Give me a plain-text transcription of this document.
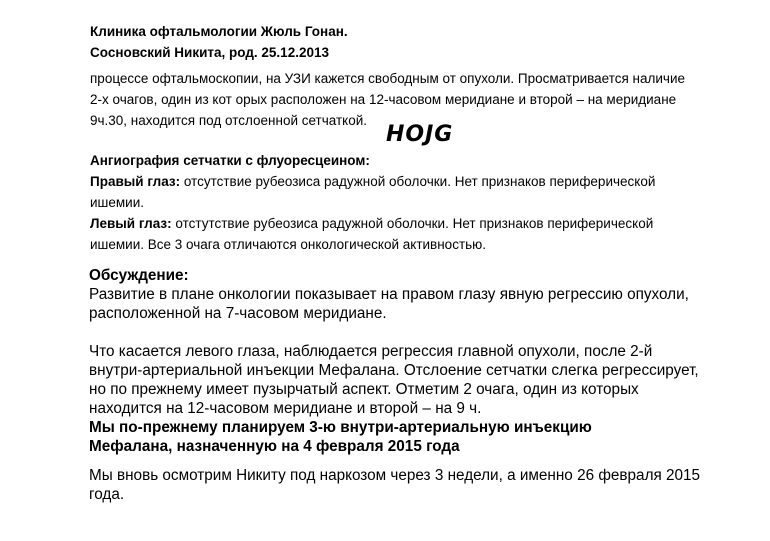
Клиника офтальмологии Жюль Гонан.
Сосновский Никита, род. 25.12.2013
процессе офтальмоскопии, на УЗИ кажется свободным от опухоли. Просматривается наличие
2-х очагов, один из кот орых расположен на 12-часовом меридиане и второй – на меридиане
9ч.30, находится под отслоенной сетчаткой.
HOJG
Ангиография сетчатки с флуоресцеином:
Правый глаз: отсутствие рубеозиса радужной оболочки. Нет признаков периферической
ишемии.
Левый глаз: отстутствие рубеозиса радужной оболочки. Нет признаков периферической
ишемии. Все 3 очага отличаются онкологической активностью.
Обсуждение:
Развитие в плане онкологии показывает на правом глазу явную регрессию опухоли,
расположенной на 7-часовом меридиане.
Что касается левого глаза, наблюдается регрессия главной опухоли, после 2-й
внутри-артериальной инъекции Мефалана. Отслоение сетчатки слегка регрессирует,
но по прежнему имеет пузырчатый аспект. Отметим 2 очага, один из которых
находится на 12-часовом меридиане и второй – на 9 ч.
Мы по-прежнему планируем 3-ю внутри-артериальную инъекцию
Мефалана, назначенную на 4 февраля 2015 года
Мы вновь осмотрим Никиту под наркозом через 3 недели, а именно 26 февраля 2015
года.
